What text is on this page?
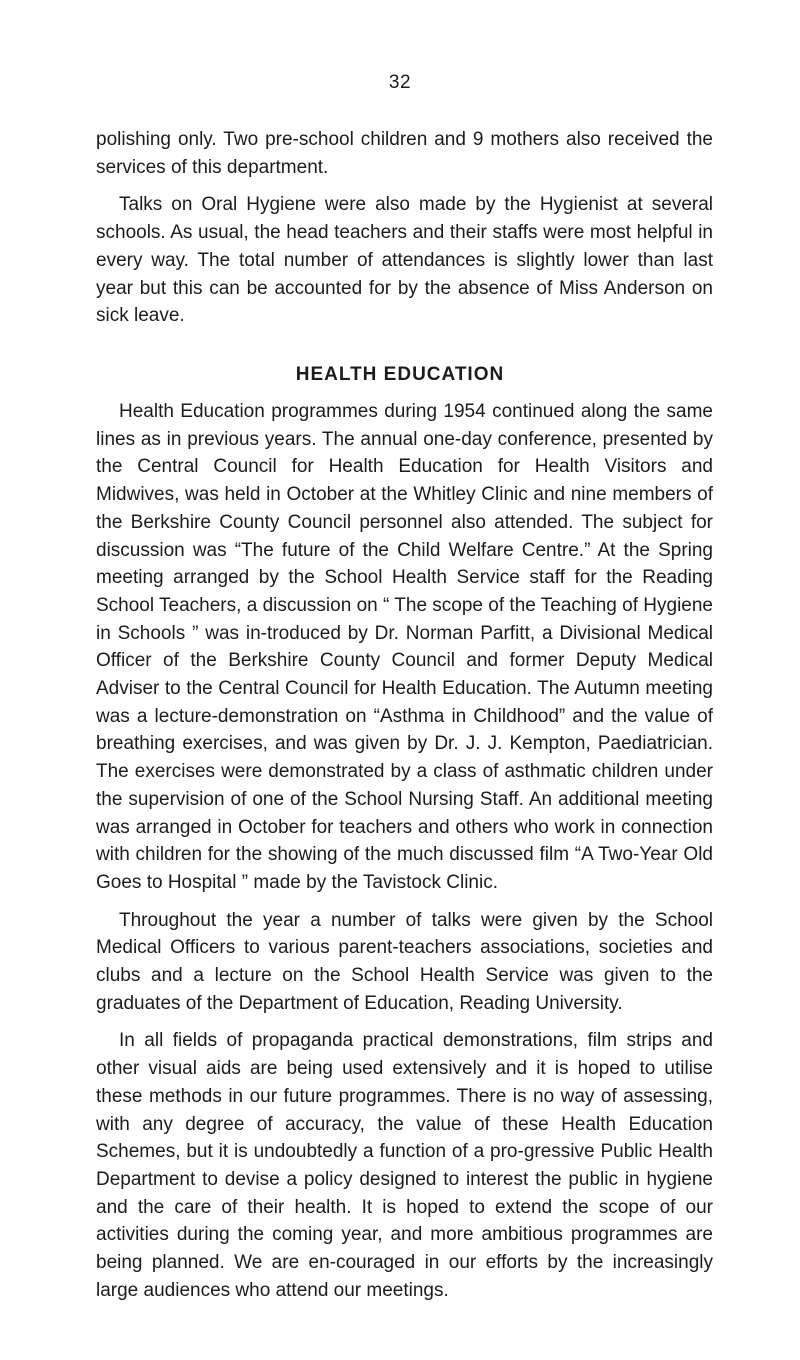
32

polishing only. Two pre-school children and 9 mothers also received the services of this department.

Talks on Oral Hygiene were also made by the Hygienist at several schools. As usual, the head teachers and their staffs were most helpful in every way. The total number of attendances is slightly lower than last year but this can be accounted for by the absence of Miss Anderson on sick leave.

HEALTH EDUCATION

Health Education programmes during 1954 continued along the same lines as in previous years. The annual one-day conference, presented by the Central Council for Health Education for Health Visitors and Midwives, was held in October at the Whitley Clinic and nine members of the Berkshire County Council personnel also attended. The subject for discussion was “The future of the Child Welfare Centre.” At the Spring meeting arranged by the School Health Service staff for the Reading School Teachers, a discussion on “ The scope of the Teaching of Hygiene in Schools ” was in-troduced by Dr. Norman Parfitt, a Divisional Medical Officer of the Berkshire County Council and former Deputy Medical Adviser to the Central Council for Health Education. The Autumn meeting was a lecture-demonstration on “Asthma in Childhood” and the value of breathing exercises, and was given by Dr. J. J. Kempton, Paediatrician. The exercises were demonstrated by a class of asthmatic children under the supervision of one of the School Nursing Staff. An additional meeting was arranged in October for teachers and others who work in connection with children for the showing of the much discussed film “A Two-Year Old Goes to Hospital ” made by the Tavistock Clinic.

Throughout the year a number of talks were given by the School Medical Officers to various parent-teachers associations, societies and clubs and a lecture on the School Health Service was given to the graduates of the Department of Education, Reading University.

In all fields of propaganda practical demonstrations, film strips and other visual aids are being used extensively and it is hoped to utilise these methods in our future programmes. There is no way of assessing, with any degree of accuracy, the value of these Health Education Schemes, but it is undoubtedly a function of a pro-gressive Public Health Department to devise a policy designed to interest the public in hygiene and the care of their health. It is hoped to extend the scope of our activities during the coming year, and more ambitious programmes are being planned. We are en-couraged in our efforts by the increasingly large audiences who attend our meetings.
